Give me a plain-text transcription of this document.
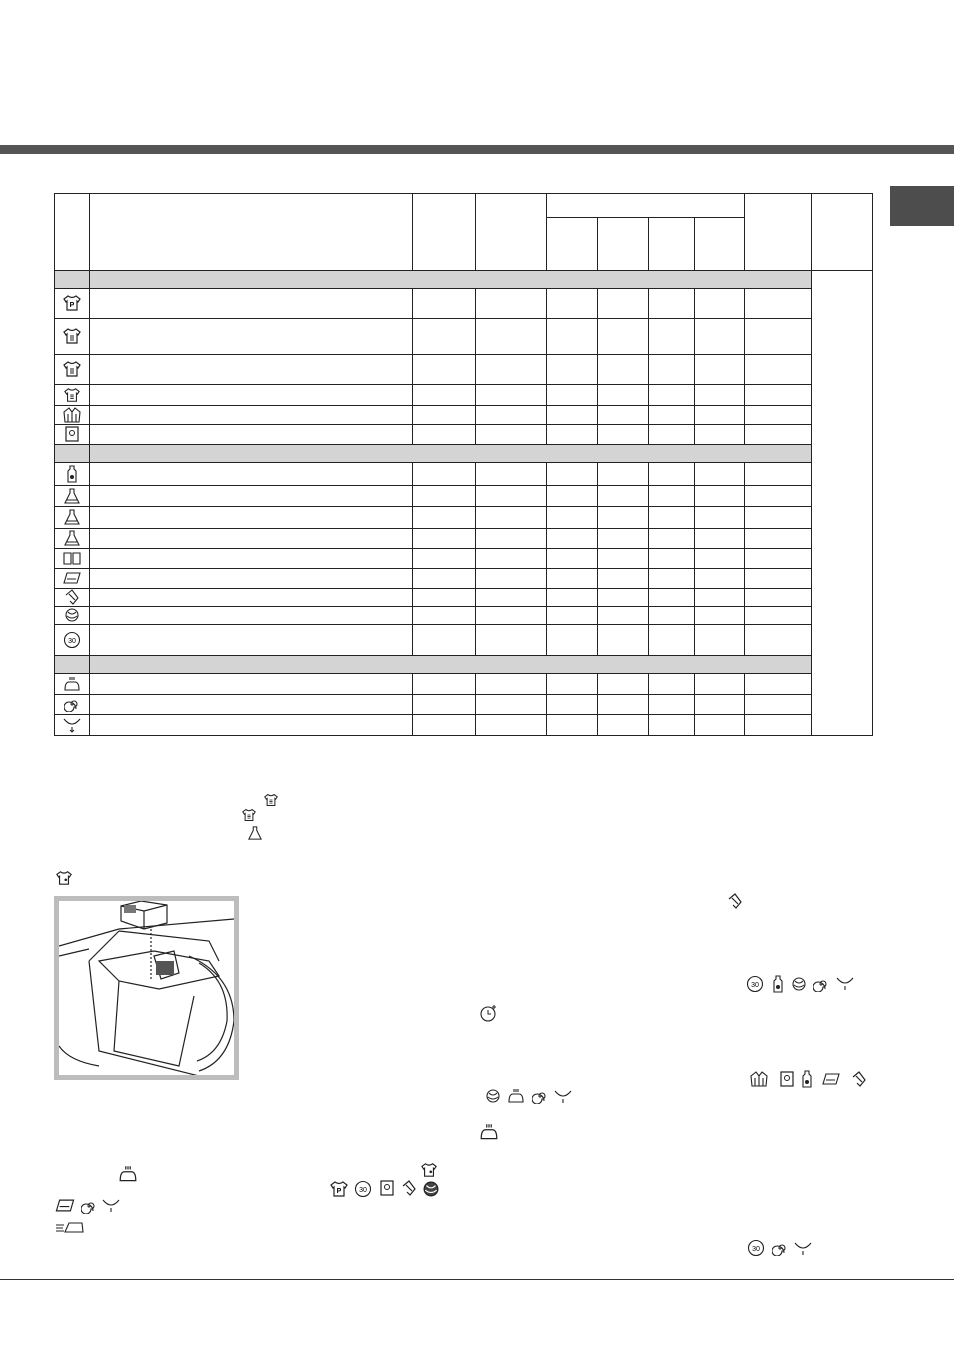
P
30
30
P	30
30
